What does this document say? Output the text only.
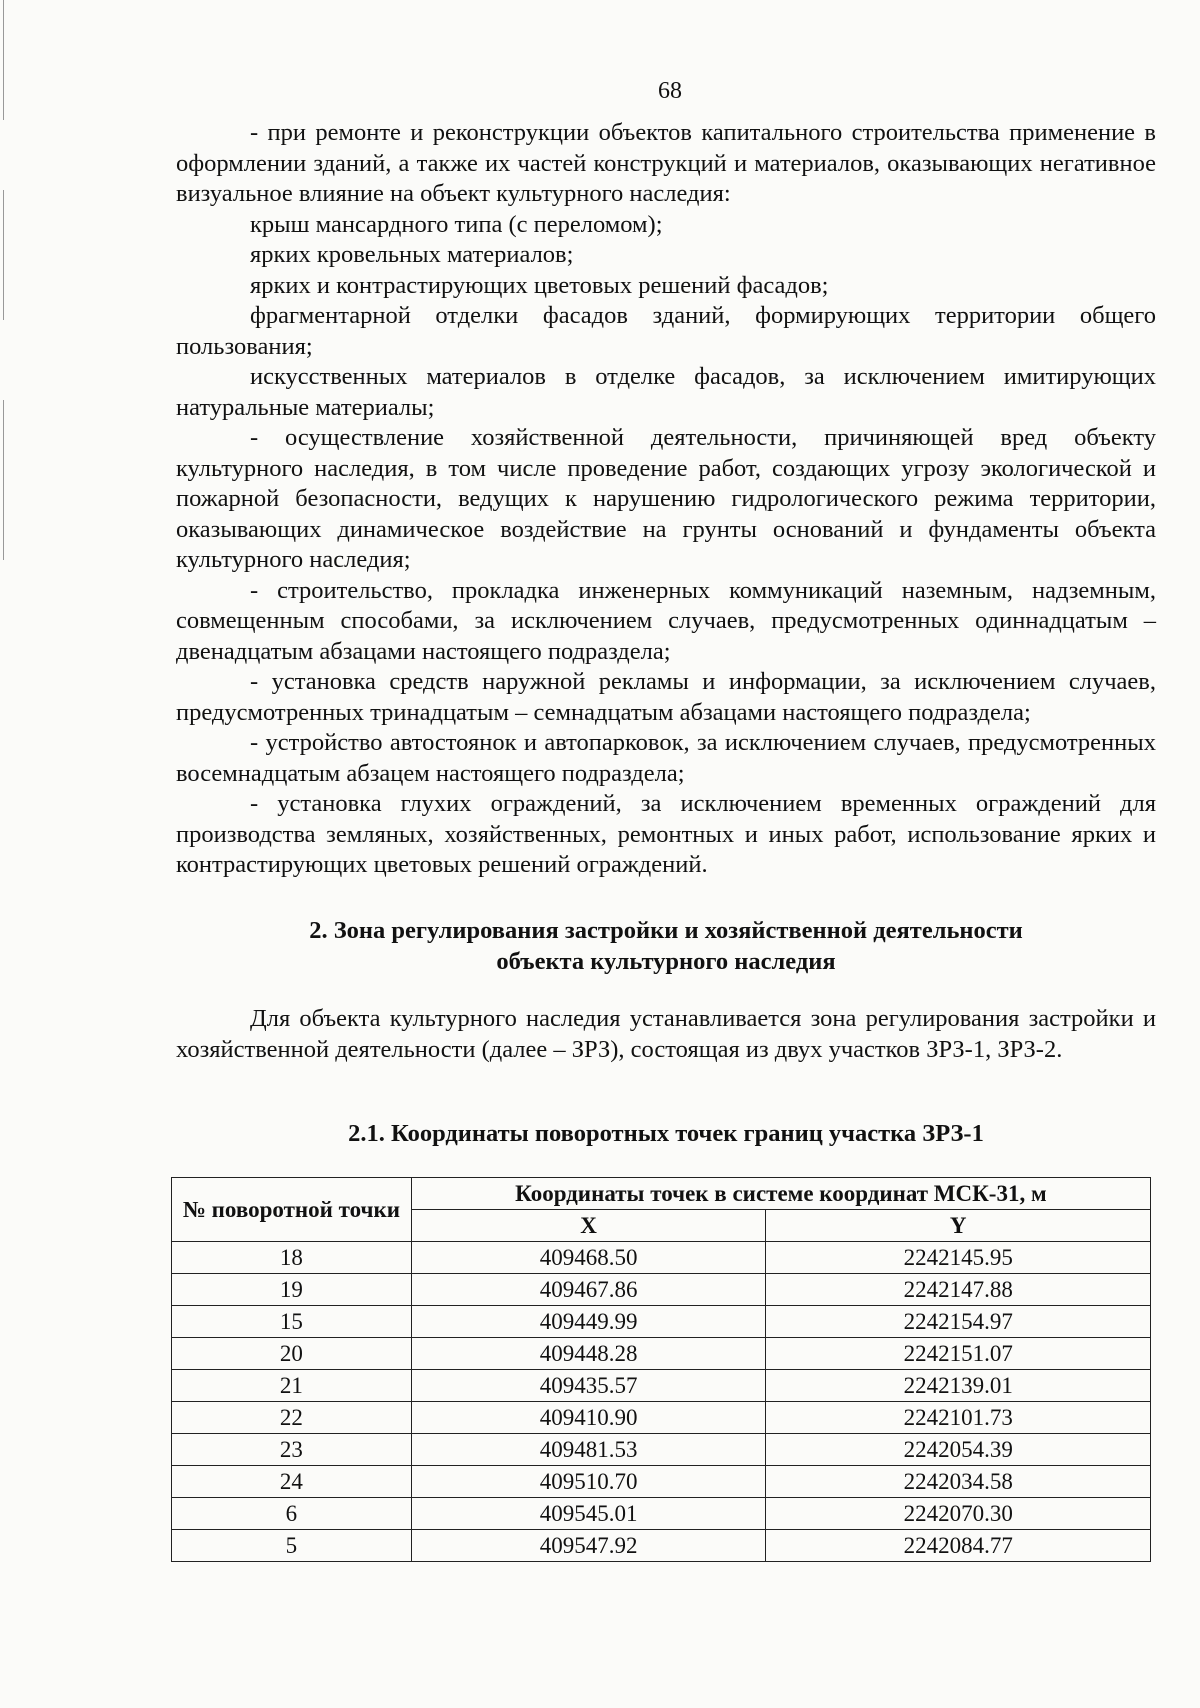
68

- при ремонте и реконструкции объектов капитального строительства применение в оформлении зданий, а также их частей конструкций и материалов, оказывающих негативное визуальное влияние на объект культурного наследия:

крыш мансардного типа (с переломом);

ярких кровельных материалов;

ярких и контрастирующих цветовых решений фасадов;

фрагментарной отделки фасадов зданий, формирующих территории общего пользования;

искусственных материалов в отделке фасадов, за исключением имитирующих натуральные материалы;

- осуществление хозяйственной деятельности, причиняющей вред объекту культурного наследия, в том числе проведение работ, создающих угрозу экологической и пожарной безопасности, ведущих к нарушению гидрологического режима территории, оказывающих динамическое воздействие на грунты оснований и фундаменты объекта культурного наследия;

- строительство, прокладка инженерных коммуникаций наземным, надземным, совмещенным способами, за исключением случаев, предусмотренных одиннадцатым – двенадцатым абзацами настоящего подраздела;

- установка средств наружной рекламы и информации, за исключением случаев, предусмотренных тринадцатым – семнадцатым абзацами настоящего подраздела;

- устройство автостоянок и автопарковок, за исключением случаев, предусмотренных восемнадцатым абзацем настоящего подраздела;

- установка глухих ограждений, за исключением временных ограждений для производства земляных, хозяйственных, ремонтных и иных работ, использование ярких и контрастирующих цветовых решений ограждений.

2. Зона регулирования застройки и хозяйственной деятельности
объекта культурного наследия

Для объекта культурного наследия устанавливается зона регулирования застройки и хозяйственной деятельности (далее – ЗРЗ), состоящая из двух участков ЗРЗ-1, ЗРЗ-2.

2.1. Координаты поворотных точек границ участка ЗРЗ-1
№ поворотной точки	Координаты точек в системе координат МСК-31, м	
	X	Y
18	409468.50	2242145.95
19	409467.86	2242147.88
15	409449.99	2242154.97
20	409448.28	2242151.07
21	409435.57	2242139.01
22	409410.90	2242101.73
23	409481.53	2242054.39
24	409510.70	2242034.58
6	409545.01	2242070.30
5	409547.92	2242084.77
